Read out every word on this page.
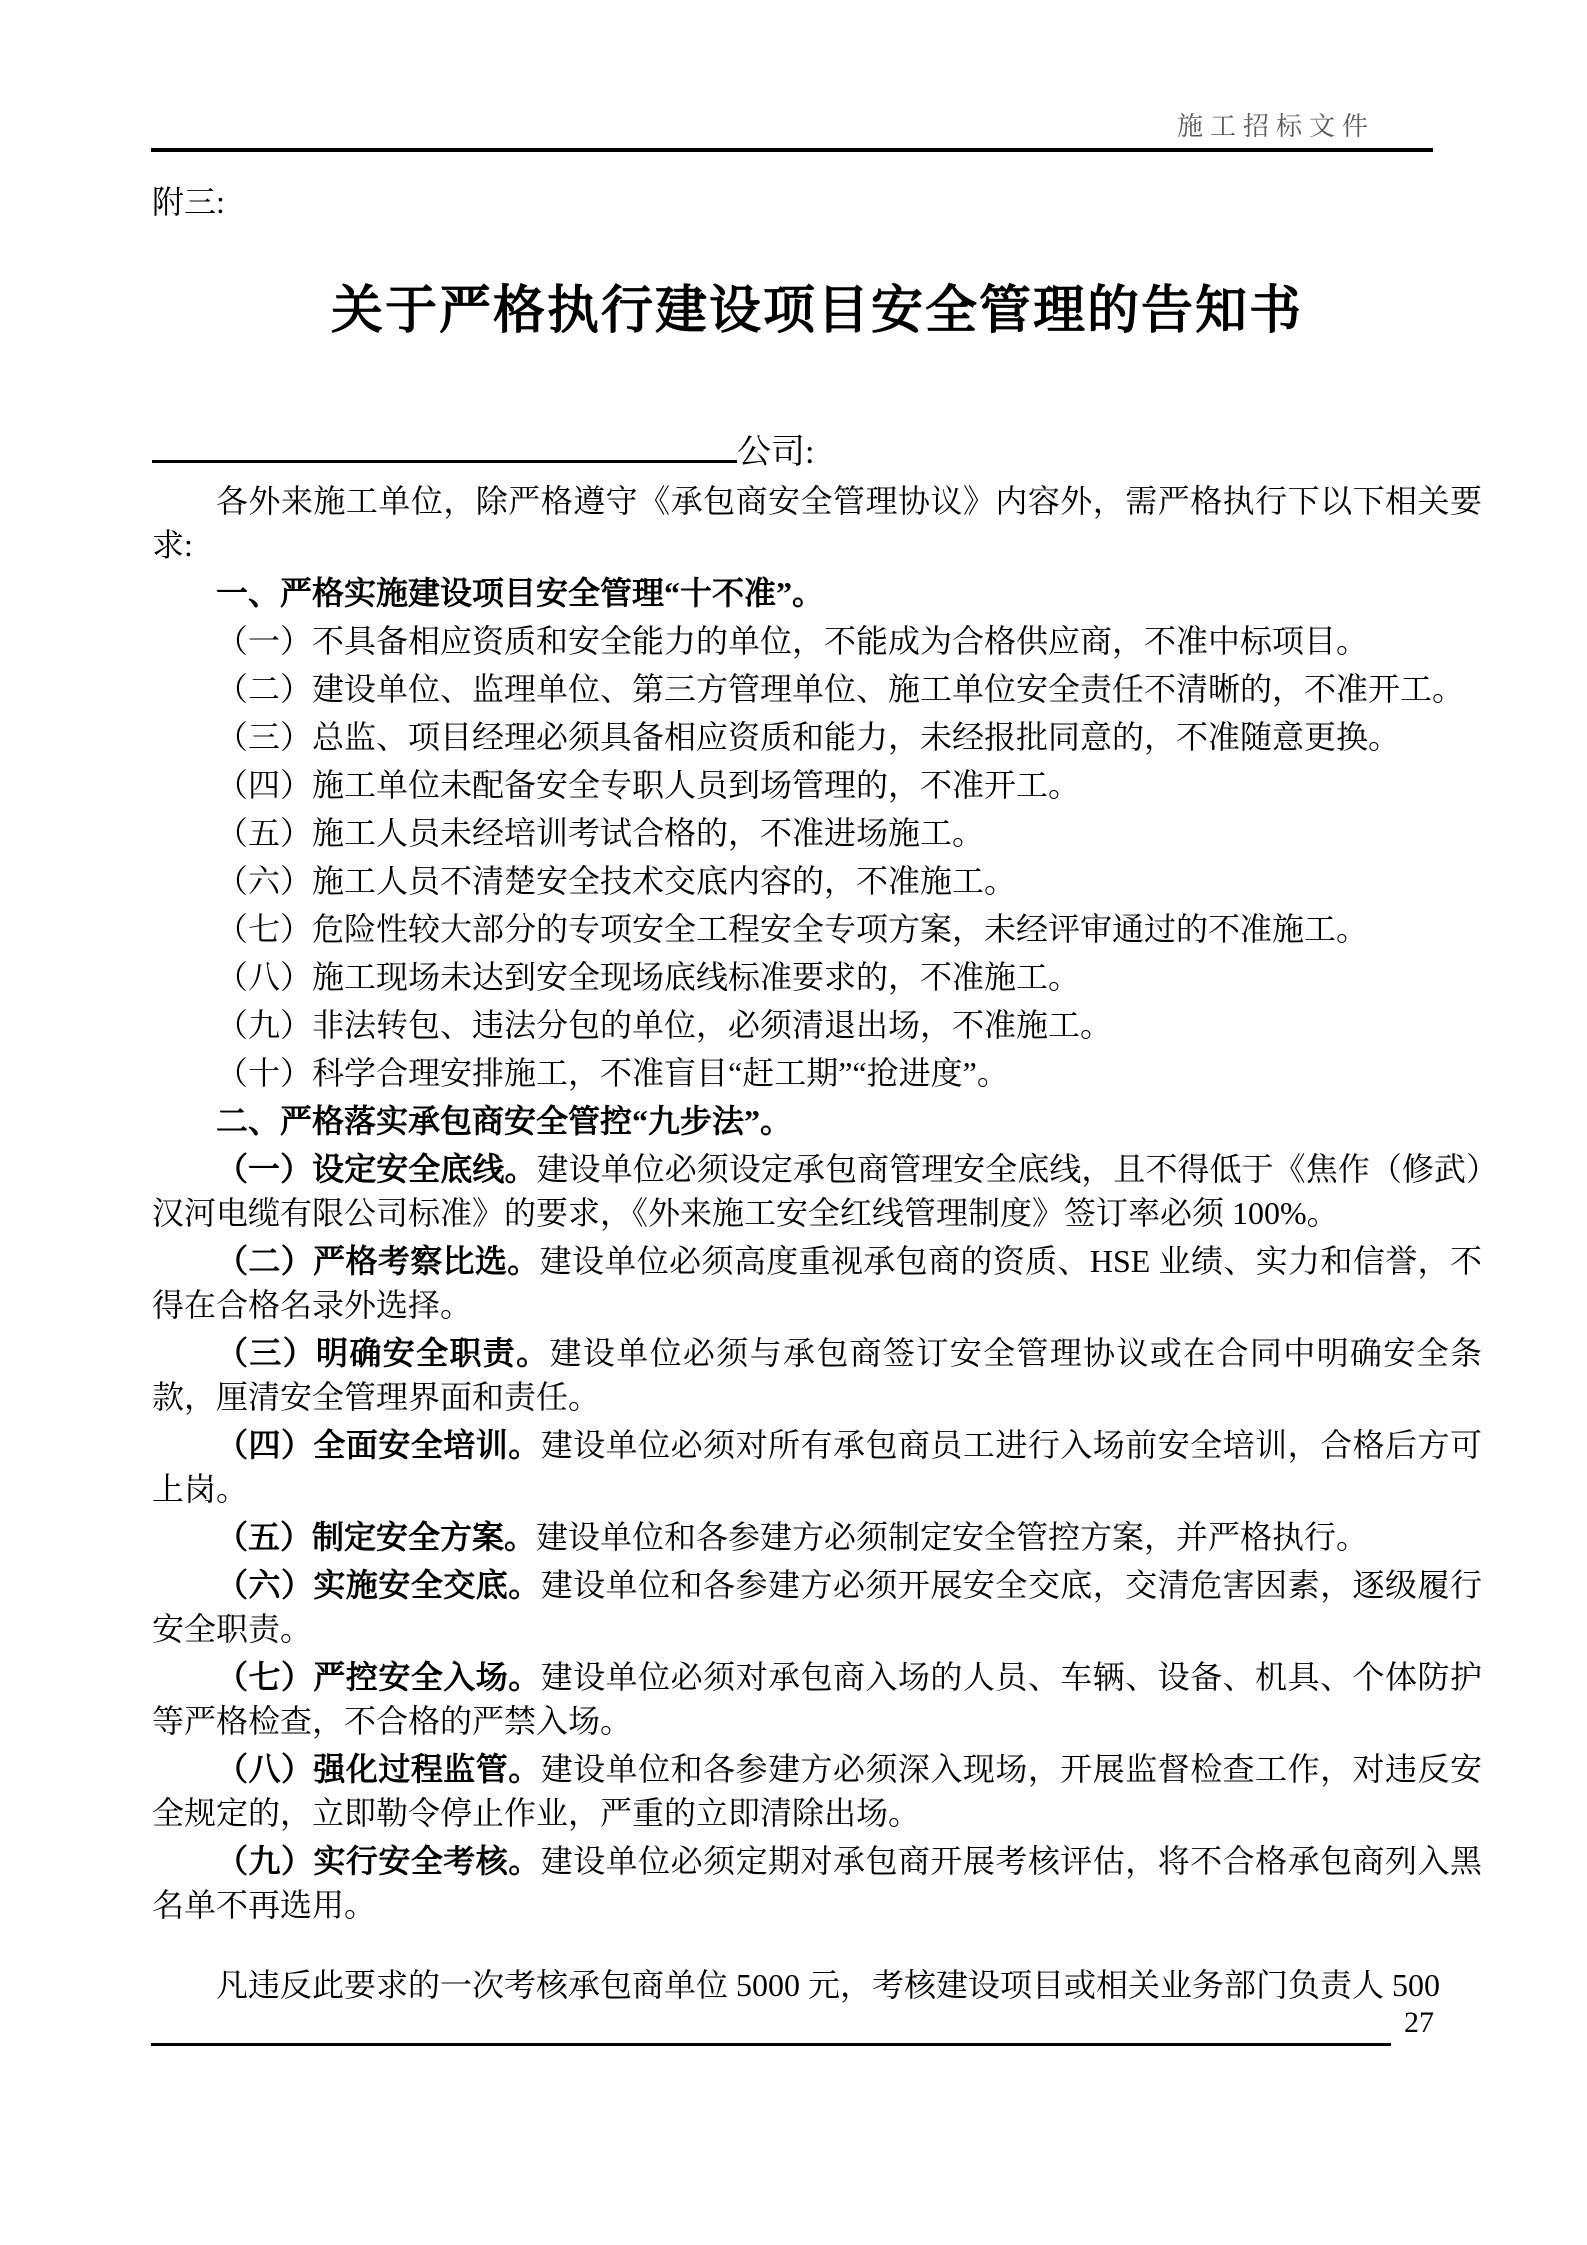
施工招标文件

附三:

关于严格执行建设项目安全管理的告知书

公司:

各外来施工单位，除严格遵守《承包商安全管理协议》内容外，需严格执行下以下相关要求:

一、严格实施建设项目安全管理“十不准”。

（一）不具备相应资质和安全能力的单位，不能成为合格供应商，不准中标项目。

（二）建设单位、监理单位、第三方管理单位、施工单位安全责任不清晰的，不准开工。

（三）总监、项目经理必须具备相应资质和能力，未经报批同意的，不准随意更换。

（四）施工单位未配备安全专职人员到场管理的，不准开工。

（五）施工人员未经培训考试合格的，不准进场施工。

（六）施工人员不清楚安全技术交底内容的，不准施工。

（七）危险性较大部分的专项安全工程安全专项方案，未经评审通过的不准施工。

（八）施工现场未达到安全现场底线标准要求的，不准施工。

（九）非法转包、违法分包的单位，必须清退出场，不准施工。

（十）科学合理安排施工，不准盲目“赶工期”“抢进度”。

二、严格落实承包商安全管控“九步法”。

（一）设定安全底线。建设单位必须设定承包商管理安全底线，且不得低于《焦作（修武）汉河电缆有限公司标准》的要求，《外来施工安全红线管理制度》签订率必须 100%。

（二）严格考察比选。建设单位必须高度重视承包商的资质、HSE 业绩、实力和信誉，不得在合格名录外选择。

（三）明确安全职责。建设单位必须与承包商签订安全管理协议或在合同中明确安全条款，厘清安全管理界面和责任。

（四）全面安全培训。建设单位必须对所有承包商员工进行入场前安全培训，合格后方可上岗。

（五）制定安全方案。建设单位和各参建方必须制定安全管控方案，并严格执行。

（六）实施安全交底。建设单位和各参建方必须开展安全交底，交清危害因素，逐级履行安全职责。

（七）严控安全入场。建设单位必须对承包商入场的人员、车辆、设备、机具、个体防护等严格检查，不合格的严禁入场。

（八）强化过程监管。建设单位和各参建方必须深入现场，开展监督检查工作，对违反安全规定的，立即勒令停止作业，严重的立即清除出场。

（九）实行安全考核。建设单位必须定期对承包商开展考核评估，将不合格承包商列入黑名单不再选用。

凡违反此要求的一次考核承包商单位 5000 元，考核建设项目或相关业务部门负责人 500

27
